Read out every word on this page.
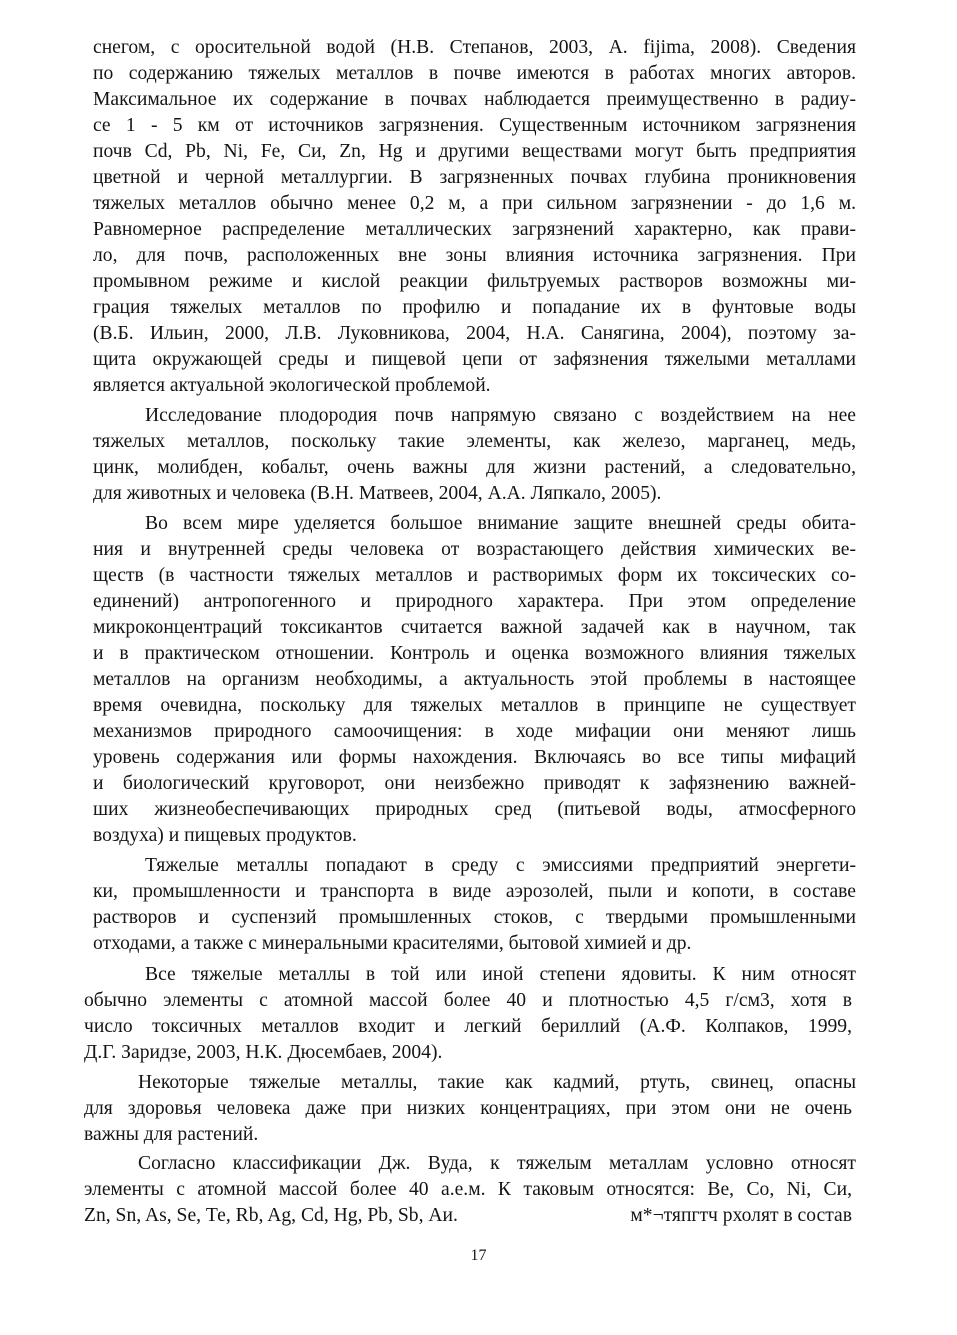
снегом, с оросительной водой (Н.В. Степанов, 2003, A. fijima, 2008). Сведения
по содержанию тяжелых металлов в почве имеются в работах многих авторов.
Максимальное их содержание в почвах наблюдается преимущественно в радиу-
се 1 - 5 км от источников загрязнения. Существенным источником загрязнения
почв Cd, Pb, Ni, Fe, Си, Zn, Hg и другими веществами могут быть предприятия
цветной и черной металлургии. В загрязненных почвах глубина проникновения
тяжелых металлов обычно менее 0,2 м, а при сильном загрязнении - до 1,6 м.
Равномерное распределение металлических загрязнений характерно, как прави-
ло, для почв, расположенных вне зоны влияния источника загрязнения. При
промывном режиме и кислой реакции фильтруемых растворов возможны ми-
грация тяжелых металлов по профилю и попадание их в фунтовые воды
(В.Б. Ильин, 2000, Л.В. Луковникова, 2004, Н.А. Санягина, 2004), поэтому за-
щита окружающей среды и пищевой цепи от зафязнения тяжелыми металлами
является актуальной экологической проблемой.
Исследование плодородия почв напрямую связано с воздействием на нее
тяжелых металлов, поскольку такие элементы, как железо, марганец, медь,
цинк, молибден, кобальт, очень важны для жизни растений, а следовательно,
для животных и человека (В.Н. Матвеев, 2004, А.А. Ляпкало, 2005).
Во всем мире уделяется большое внимание защите внешней среды обита-
ния и внутренней среды человека от возрастающего действия химических ве-
ществ (в частности тяжелых металлов и растворимых форм их токсических со-
единений) антропогенного и природного характера. При этом определение
микроконцентраций токсикантов считается важной задачей как в научном, так
и в практическом отношении. Контроль и оценка возможного влияния тяжелых
металлов на организм необходимы, а актуальность этой проблемы в настоящее
время очевидна, поскольку для тяжелых металлов в принципе не существует
механизмов природного самоочищения: в ходе мифации они меняют лишь
уровень содержания или формы нахождения. Включаясь во все типы мифаций
и биологический круговорот, они неизбежно приводят к зафязнению важней-
ших жизнеобеспечивающих природных сред (питьевой воды, атмосферного
воздуха) и пищевых продуктов.
Тяжелые металлы попадают в среду с эмиссиями предприятий энергети-
ки, промышленности и транспорта в виде аэрозолей, пыли и копоти, в составе
растворов и суспензий промышленных стоков, с твердыми промышленными
отходами, а также с минеральными красителями, бытовой химией и др.
Все тяжелые металлы в той или иной степени ядовиты. К ним относят
обычно элементы с атомной массой более 40 и плотностью 4,5 г/см3, хотя в
число токсичных металлов входит и легкий бериллий (А.Ф. Колпаков, 1999,
Д.Г. Заридзе, 2003, Н.К. Дюсембаев, 2004).
Некоторые тяжелые металлы, такие как кадмий, ртуть, свинец, опасны
для здоровья человека даже при низких концентрациях, при этом они не очень
важны для растений.
Согласно классификации Дж. Вуда, к тяжелым металлам условно относят
элементы с атомной массой более 40 а.е.м. К таковым относятся: Be, Со, Ni, Си,
Zn, Sn, As, Se, Те, Rb, Ag, Cd, Hg, Pb, Sb, Аи.	м*¬тяпгтч рхолят в состав
17
